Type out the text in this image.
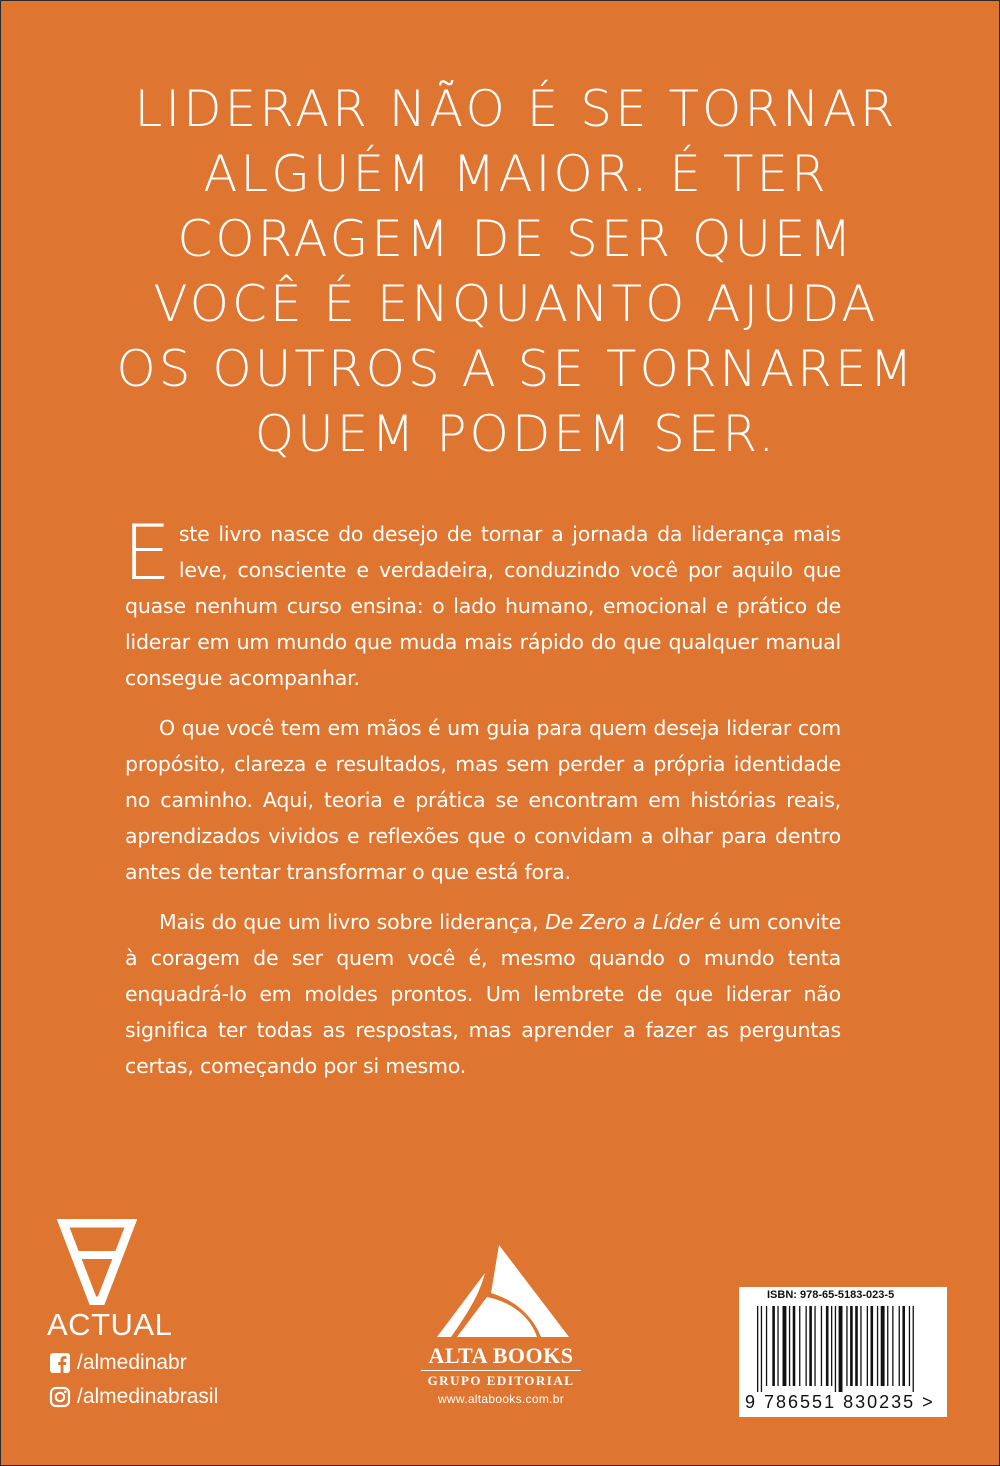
LIDERAR NÃO É SE TORNAR
ALGUÉM MAIOR. É TER
CORAGEM DE SER QUEM
VOCÊ É ENQUANTO AJUDA
OS OUTROS A SE TORNAREM
QUEM PODEM SER.

Este livro nasce do desejo de tornar a jornada da liderança mais leve, consciente e verdadeira, conduzindo você por aquilo que quase nenhum curso ensina: o lado humano, emocional e prático de liderar em um mundo que muda mais rápido do que qualquer manual consegue acompanhar.

O que você tem em mãos é um guia para quem deseja liderar com propósito, clareza e resultados, mas sem perder a própria identidade no caminho. Aqui, teoria e prática se encontram em histórias reais, aprendizados vividos e reflexões que o convidam a olhar para dentro antes de tentar transformar o que está fora.

Mais do que um livro sobre liderança, De Zero a Líder é um convite à coragem de ser quem você é, mesmo quando o mundo tenta enquadrá-lo em moldes prontos. Um lembrete de que liderar não significa ter todas as respostas, mas aprender a fazer as perguntas certas, começando por si mesmo.

ACTUAL
/almedinabr
/almedinabrasil
ALTA BOOKS
GRUPO EDITORIAL
www.altabooks.com.br
ISBN: 978-65-5183-023-5
9 786551 830235 >
